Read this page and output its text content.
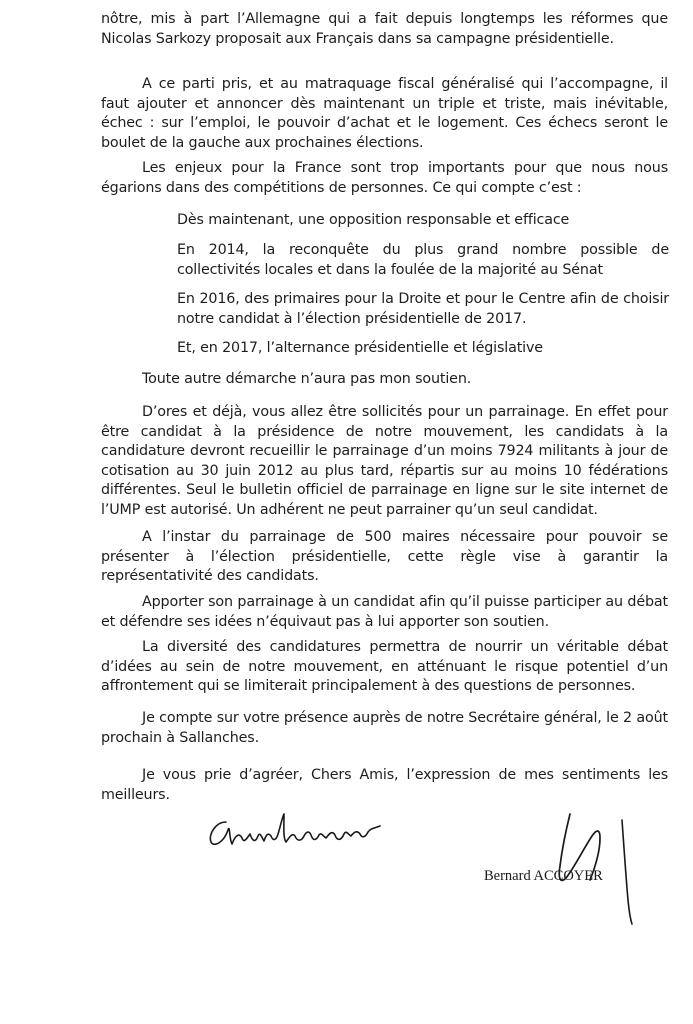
nôtre, mis à part l’Allemagne qui a fait depuis longtemps les réformes que Nicolas Sarkozy proposait aux Français dans sa campagne présidentielle.

A ce parti pris, et au matraquage fiscal généralisé qui l’accompagne, il faut ajouter et annoncer dès maintenant un triple et triste, mais inévitable, échec : sur l’emploi, le pouvoir d’achat et le logement. Ces échecs seront le boulet de la gauche aux prochaines élections.

Les enjeux pour la France sont trop importants pour que nous nous égarions dans des compétitions de personnes. Ce qui compte c’est :

Dès maintenant, une opposition responsable et efficace

En 2014, la reconquête du plus grand nombre possible de collectivités locales et dans la foulée de la majorité au Sénat

En 2016, des primaires pour la Droite et pour le Centre afin de choisir notre candidat à l’élection présidentielle de 2017.

Et, en 2017, l’alternance présidentielle et législative

Toute autre démarche n’aura pas mon soutien.

D’ores et déjà, vous allez être sollicités pour un parrainage. En effet pour être candidat à la présidence de notre mouvement, les candidats à la candidature devront recueillir le parrainage d’un moins 7924 militants à jour de cotisation au 30 juin 2012 au plus tard, répartis sur au moins 10 fédérations différentes. Seul le bulletin officiel de parrainage en ligne sur le site internet de l’UMP est autorisé. Un adhérent ne peut parrainer qu’un seul candidat.

A l’instar du parrainage de 500 maires nécessaire pour pouvoir se présenter à l’élection présidentielle, cette règle vise à garantir la représentativité des candidats.

Apporter son parrainage à un candidat afin qu’il puisse participer au débat et défendre ses idées n’équivaut pas à lui apporter son soutien.

La diversité des candidatures permettra de nourrir un véritable débat d’idées au sein de notre mouvement, en atténuant le risque potentiel d’un affrontement qui se limiterait principalement à des questions de personnes.

Je compte sur votre présence auprès de notre Secrétaire général, le 2 août prochain à Sallanches.

Je vous prie d’agréer, Chers Amis, l’expression de mes sentiments les meilleurs.

Bernard ACCOYER
